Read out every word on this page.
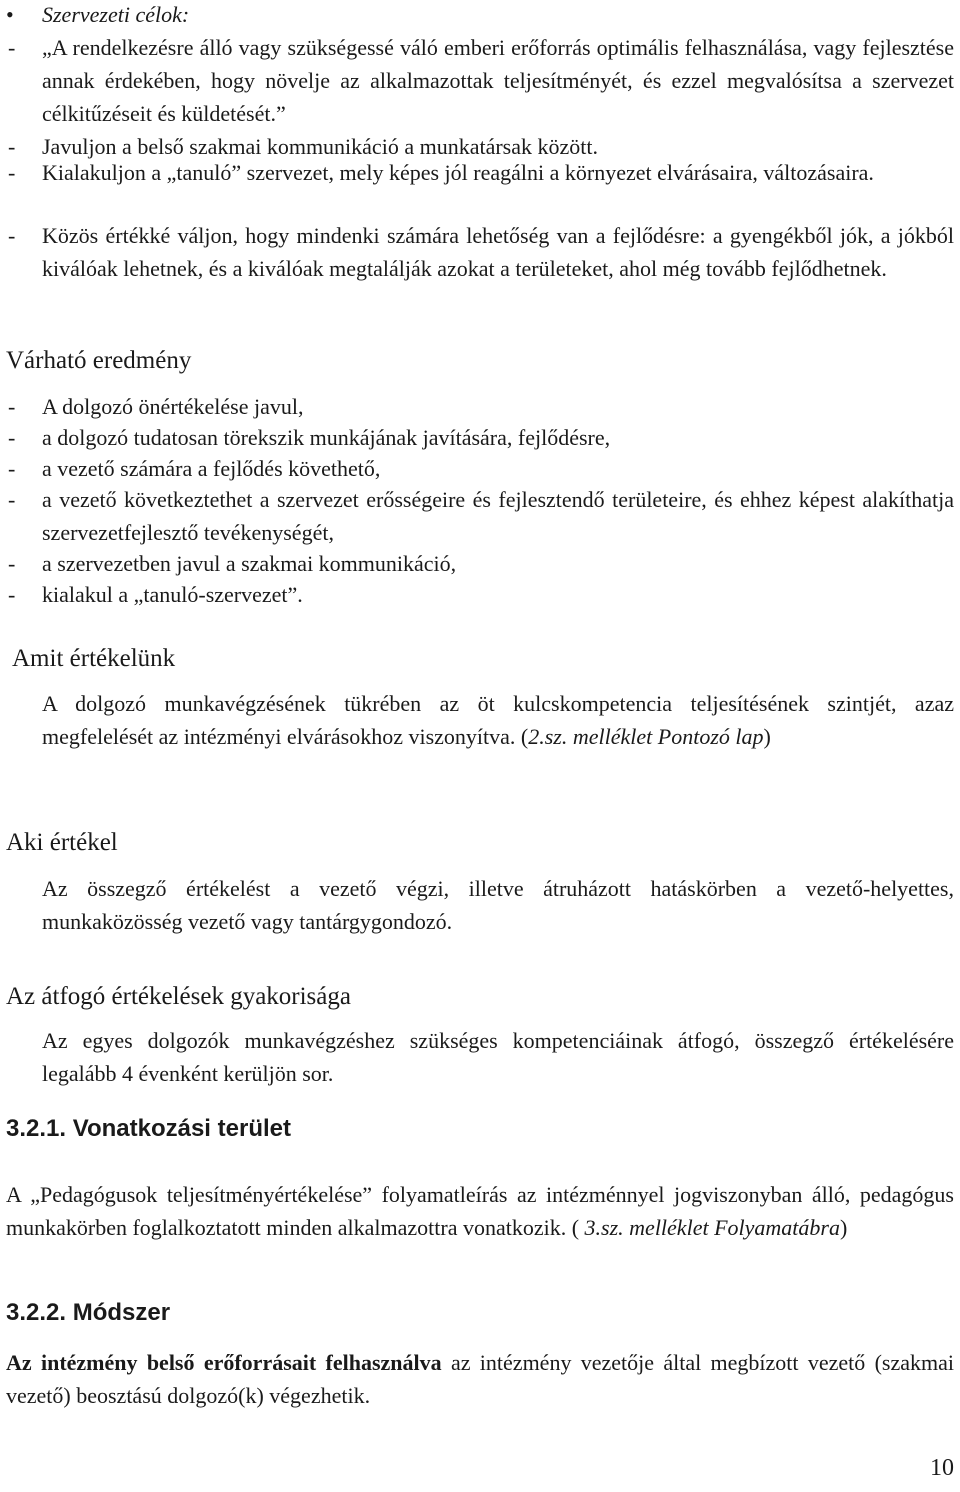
• Szervezeti célok:
- „A rendelkezésre álló vagy szükségessé váló emberi erőforrás optimális felhasználása, vagy fejlesztése annak érdekében, hogy növelje az alkalmazottak teljesítményét, és ezzel megvalósítsa a szervezet célkitűzéseit és küldetését.”
- Javuljon a belső szakmai kommunikáció a munkatársak között.
- Kialakuljon a „tanuló” szervezet, mely képes jól reagálni a környezet elvárásaira, változásaira.
- Közös értékké váljon, hogy mindenki számára lehetőség van a fejlődésre: a gyengékből jók, a jókból kiválóak lehetnek, és a kiválóak megtalálják azokat a területeket, ahol még tovább fejlődhetnek.
Várható eredmény
- A dolgozó önértékelése javul,
- a dolgozó tudatosan törekszik munkájának javítására, fejlődésre,
- a vezető számára a fejlődés követhető,
- a vezető következtethet a szervezet erősségeire és fejlesztendő területeire, és ehhez képest alakíthatja szervezetfejlesztő tevékenységét,
- a szervezetben javul a szakmai kommunikáció,
- kialakul a „tanuló-szervezet”.
Amit értékelünk
A dolgozó munkavégzésének tükrében az öt kulcskompetencia teljesítésének szintjét, azaz megfelelését az intézményi elvárásokhoz viszonyítva. (2.sz. melléklet Pontozó lap)
Aki értékel
Az összegző értékelést a vezető végzi, illetve átruházott hatáskörben a vezető-helyettes, munkaközösség vezető vagy tantárgygondozó.
Az átfogó értékelések gyakorisága
Az egyes dolgozók munkavégzéshez szükséges kompetenciáinak átfogó, összegző értékelésére legalább 4 évenként kerüljön sor.
3.2.1. Vonatkozási terület
A „Pedagógusok teljesítményértékelése” folyamatleírás az intézménnyel jogviszonyban álló, pedagógus munkakörben foglalkoztatott minden alkalmazottra vonatkozik. ( 3.sz. melléklet Folyamatábra)
3.2.2. Módszer
Az intézmény belső erőforrásait felhasználva az intézmény vezetője által megbízott vezető (szakmai vezető) beosztású dolgozó(k) végezhetik.
10
